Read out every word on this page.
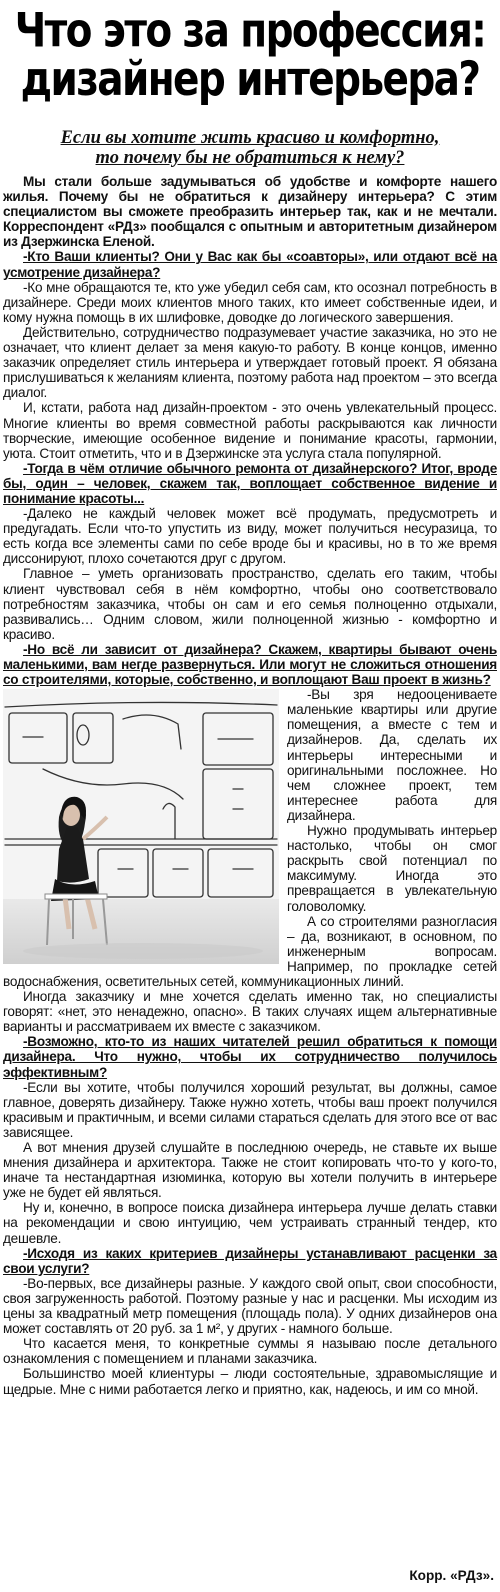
Что это за профессия:
дизайнер интерьера?
Если вы хотите жить красиво и комфортно,
то почему бы не обратиться к нему?

Мы стали больше задумываться об удобстве и комфорте нашего жилья. Почему бы не обратиться к дизайнеру интерьера? С этим специалистом вы сможете преобразить интерьер так, как и не мечтали. Корреспондент «РДз» пообщался с опытным и авторитетным дизайнером из Дзержинска Еленой.

-Кто Ваши клиенты? Они у Вас как бы «соавторы», или отдают всё на усмотрение дизайнера?

-Ко мне обращаются те, кто уже убедил себя сам, кто осознал потребность в дизайнере. Среди моих клиентов много таких, кто имеет собственные идеи, и кому нужна помощь в их шлифовке, доводке до логического завершения.

Действительно, сотрудничество подразумевает участие заказчика, но это не означает, что клиент делает за меня какую-то работу. В конце концов, именно заказчик определяет стиль интерьера и утверждает готовый проект. Я обязана прислушиваться к желаниям клиента, поэтому работа над проектом – это всегда диалог.

И, кстати, работа над дизайн-проектом - это очень увлекательный процесс. Многие клиенты во время совместной работы раскрываются как личности творческие, имеющие особенное видение и понимание красоты, гармонии, уюта. Стоит отметить, что и в Дзержинске эта услуга стала популярной.

-Тогда в чём отличие обычного ремонта от дизайнерского? Итог, вроде бы, один – человек, скажем так, воплощает собственное видение и понимание красоты...

-Далеко не каждый человек может всё продумать, предусмотреть и предугадать. Если что-то упустить из виду, может получиться несуразица, то есть когда все элементы сами по себе вроде бы и красивы, но в то же время диссонируют, плохо сочетаются друг с другом.

Главное – уметь организовать пространство, сделать его таким, чтобы клиент чувствовал себя в нём комфортно, чтобы оно соответствовало потребностям заказчика, чтобы он сам и его семья полноценно отдыхали, развивались… Одним словом, жили полноценной жизнью - комфортно и красиво.

-Но всё ли зависит от дизайнера? Скажем, квартиры бывают очень маленькими, вам негде развернуться. Или могут не сложиться отношения со строителями, которые, собственно, и воплощают Ваш проект в жизнь?

-Вы зря недооцениваете маленькие квартиры или другие помещения, а вместе с тем и дизайнеров. Да, сделать их интерьеры интересными и оригинальными посложнее. Но чем сложнее проект, тем интереснее работа для дизайнера.

Нужно продумывать интерьер настолько, чтобы он смог раскрыть свой потенциал по максимуму. Иногда это превращается в увлекательную головоломку.

А со строителями разногласия – да, возникают, в основном, по инженерным вопросам. Например, по прокладке сетей водоснабжения, осветительных сетей, коммуникационных линий.

Иногда заказчику и мне хочется сделать именно так, но специалисты говорят: «нет, это ненадежно, опасно». В таких случаях ищем альтернативные варианты и рассматриваем их вместе с заказчиком.

-Возможно, кто-то из наших читателей решил обратиться к помощи дизайнера. Что нужно, чтобы их сотрудничество получилось эффективным?

-Если вы хотите, чтобы получился хороший результат, вы должны, самое главное, доверять дизайнеру. Также нужно хотеть, чтобы ваш проект получился красивым и практичным, и всеми силами стараться сделать для этого все от вас зависящее.

А вот мнения друзей слушайте в последнюю очередь, не ставьте их выше мнения дизайнера и архитектора. Также не стоит копировать что-то у кого-то, иначе та нестандартная изюминка, которую вы хотели получить в интерьере уже не будет ей являться.

Ну и, конечно, в вопросе поиска дизайнера интерьера лучше делать ставки на рекомендации и свою интуицию, чем устраивать странный тендер, кто дешевле.

-Исходя из каких критериев дизайнеры устанавливают расценки за свои услуги?

-Во-первых, все дизайнеры разные. У каждого свой опыт, свои способности, своя загруженность работой. Поэтому разные у нас и расценки. Мы исходим из цены за квадратный метр помещения (площадь пола). У одних дизайнеров она может составлять от 20 руб. за 1 м², у других - намного больше.

Что касается меня, то конкретные суммы я называю после детального ознакомления с помещением и планами заказчика.

Большинство моей клиентуры – люди состоятельные, здравомыслящие и щедрые. Мне с ними работается легко и приятно, как, надеюсь, и им со мной.

Корр. «РДз».
